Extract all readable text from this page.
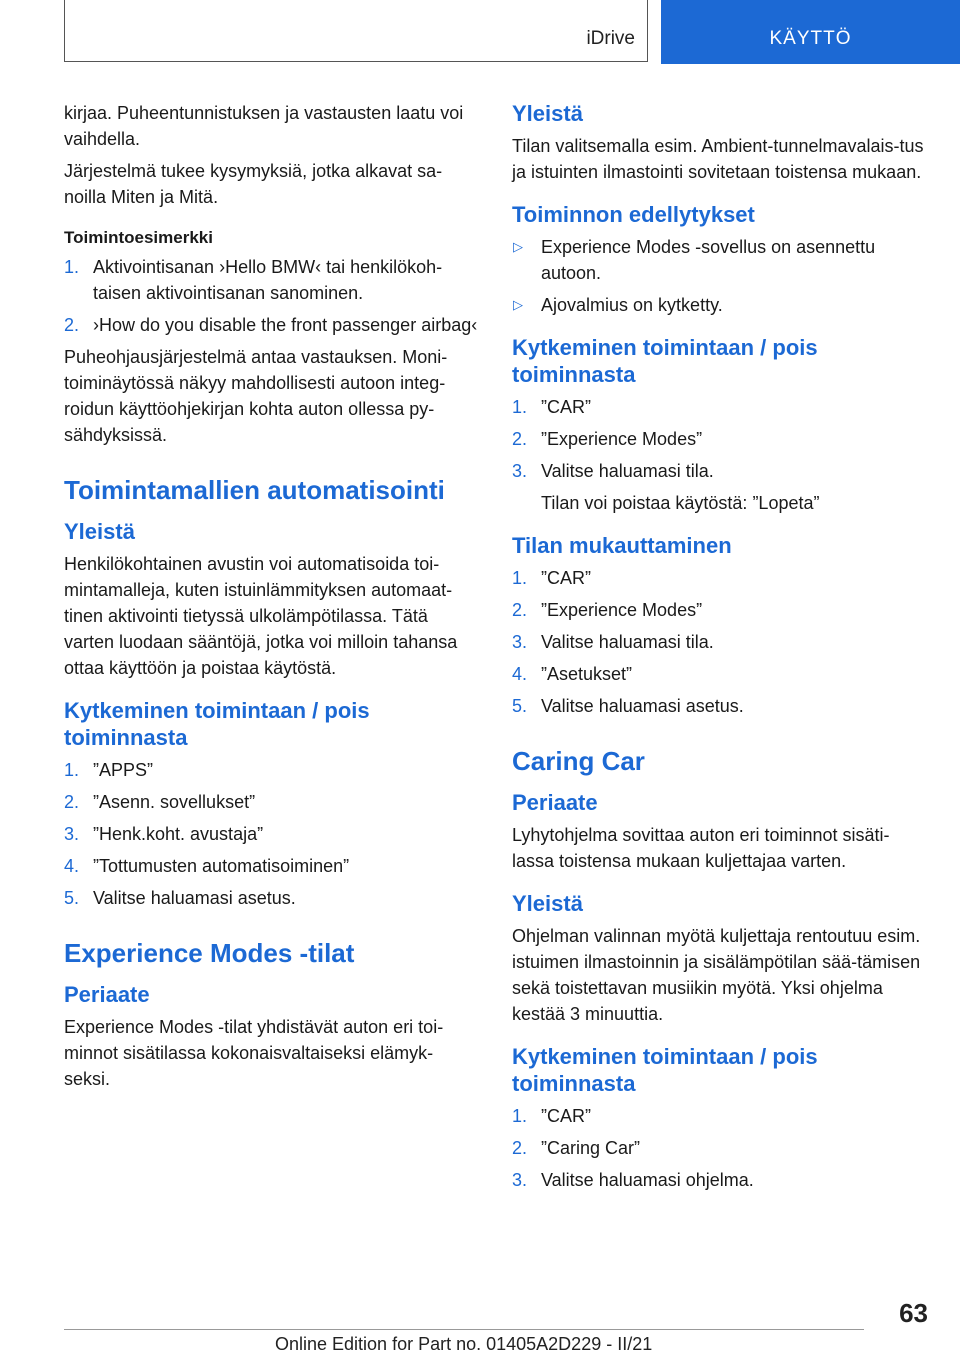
iDrive	KÄYTTÖ

kirjaa. Puheentunnistuksen ja vastausten laatu voi vaihdella.

Järjestelmä tukee kysymyksiä, jotka alkavat sa‐noilla Miten ja Mitä.

Toimintoesimerkki
1. Aktivointisanan ›Hello BMW‹ tai henkilökoh‐taisen aktivointisanan sanominen.
2. ›How do you disable the front passenger airbag‹

Puheohjausjärjestelmä antaa vastauksen. Moni‐toiminäytössä näkyy mahdollisesti autoon integ‐roidun käyttöohjekirjan kohta auton ollessa py‐sähdyksissä.

Toimintamallien automatisointi
Yleistä

Henkilökohtainen avustin voi automatisoida toi‐mintamalleja, kuten istuinlämmityksen automaat‐tinen aktivointi tietyssä ulkolämpötilassa. Tätä varten luodaan sääntöjä, jotka voi milloin tahansa ottaa käyttöön ja poistaa käytöstä.

Kytkeminen toimintaan / pois toiminnasta
1. ”APPS”
2. ”Asenn. sovellukset”
3. ”Henk.koht. avustaja”
4. ”Tottumusten automatisoiminen”
5. Valitse haluamasi asetus.
Experience Modes -tilat
Periaate

Experience Modes -tilat yhdistävät auton eri toi‐minnot sisätilassa kokonaisvaltaiseksi elämyk‐seksi.

Yleistä

Tilan valitsemalla esim. Ambient-tunnelmavalais‐tus ja istuinten ilmastointi sovitetaan toistensa mukaan.

Toiminnon edellytykset
▷ Experience Modes -sovellus on asennettu autoon.
▷ Ajovalmius on kytketty.
Kytkeminen toimintaan / pois toiminnasta
1. ”CAR”
2. ”Experience Modes”
3. Valitse haluamasi tila.

Tilan voi poistaa käytöstä: ”Lopeta”

Tilan mukauttaminen
1. ”CAR”
2. ”Experience Modes”
3. Valitse haluamasi tila.
4. ”Asetukset”
5. Valitse haluamasi asetus.
Caring Car
Periaate

Lyhytohjelma sovittaa auton eri toiminnot sisäti‐lassa toistensa mukaan kuljettajaa varten.

Yleistä

Ohjelman valinnan myötä kuljettaja rentoutuu esim. istuimen ilmastoinnin ja sisälämpötilan sää‐tämisen sekä toistettavan musiikin myötä. Yksi ohjelma kestää 3 minuuttia.

Kytkeminen toimintaan / pois toiminnasta
1. ”CAR”
2. ”Caring Car”
3. Valitse haluamasi ohjelma.
63
Online Edition for Part no. 01405A2D229 - II/21
